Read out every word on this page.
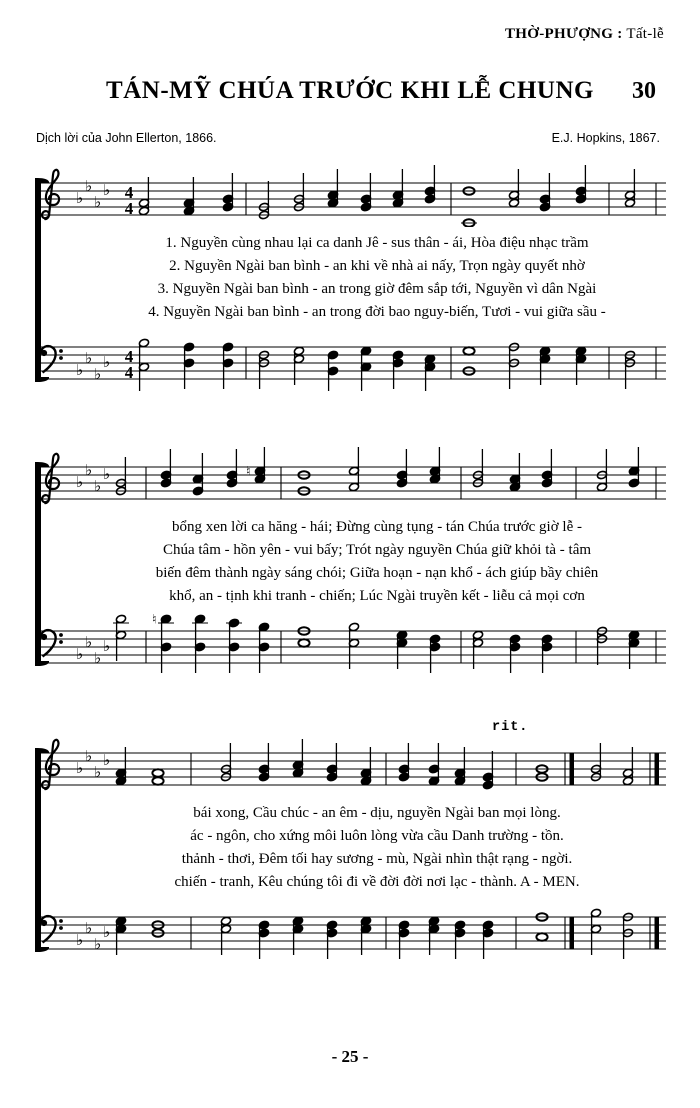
THỜ-PHƯỢNG : Tất-lễ
TÁN-MỸ CHÚA TRƯỚC KHI LỄ CHUNG 30
Dịch lời của John Ellerton, 1866.	E.J. Hopkins, 1867.
♭
♭
♭
♭ 4
4
1. Nguyền cùng nhau lại ca danh Jê - sus thân - ái, Hòa điệu nhạc trầm
2. Nguyền Ngài ban bình - an khi về nhà ai nấy, Trọn ngày quyết nhờ
3. Nguyền Ngài ban bình - an trong giờ đêm sắp tới, Nguyền vì dân Ngài
4. Nguyền Ngài ban bình - an trong đời bao nguy-biến, Tươi - vui giữa sầu -
♭
♭
♭
♭ 4
4
♭
♭
♭
♭	♮
bổng xen lời ca hăng - hái; Đừng cùng tụng - tán Chúa trước giờ lễ -
Chúa tâm - hồn yên - vui bấy; Trót ngày nguyền Chúa giữ khỏi tà - tâm
biến đêm thành ngày sáng chói; Giữa hoạn - nạn khổ - ách giúp bầy chiên
khổ, an - tịnh khi tranh - chiến; Lúc Ngài truyền kết - liễu cả mọi cơn
♭
♭
♭
♭
♮
rit.
♭
♭
♭
♭
bái xong, Cầu chúc - an êm - dịu, nguyền Ngài ban mọi lòng.
ác - ngôn, cho xứng môi luôn lòng vừa cầu Danh trường - tồn.
thảnh - thơi, Đêm tối hay sương - mù, Ngài nhìn thật rạng - ngời.
chiến - tranh, Kêu chúng tôi đi về đời đời nơi lạc - thành. A - MEN.
♭
♭
♭
♭
- 25 -
